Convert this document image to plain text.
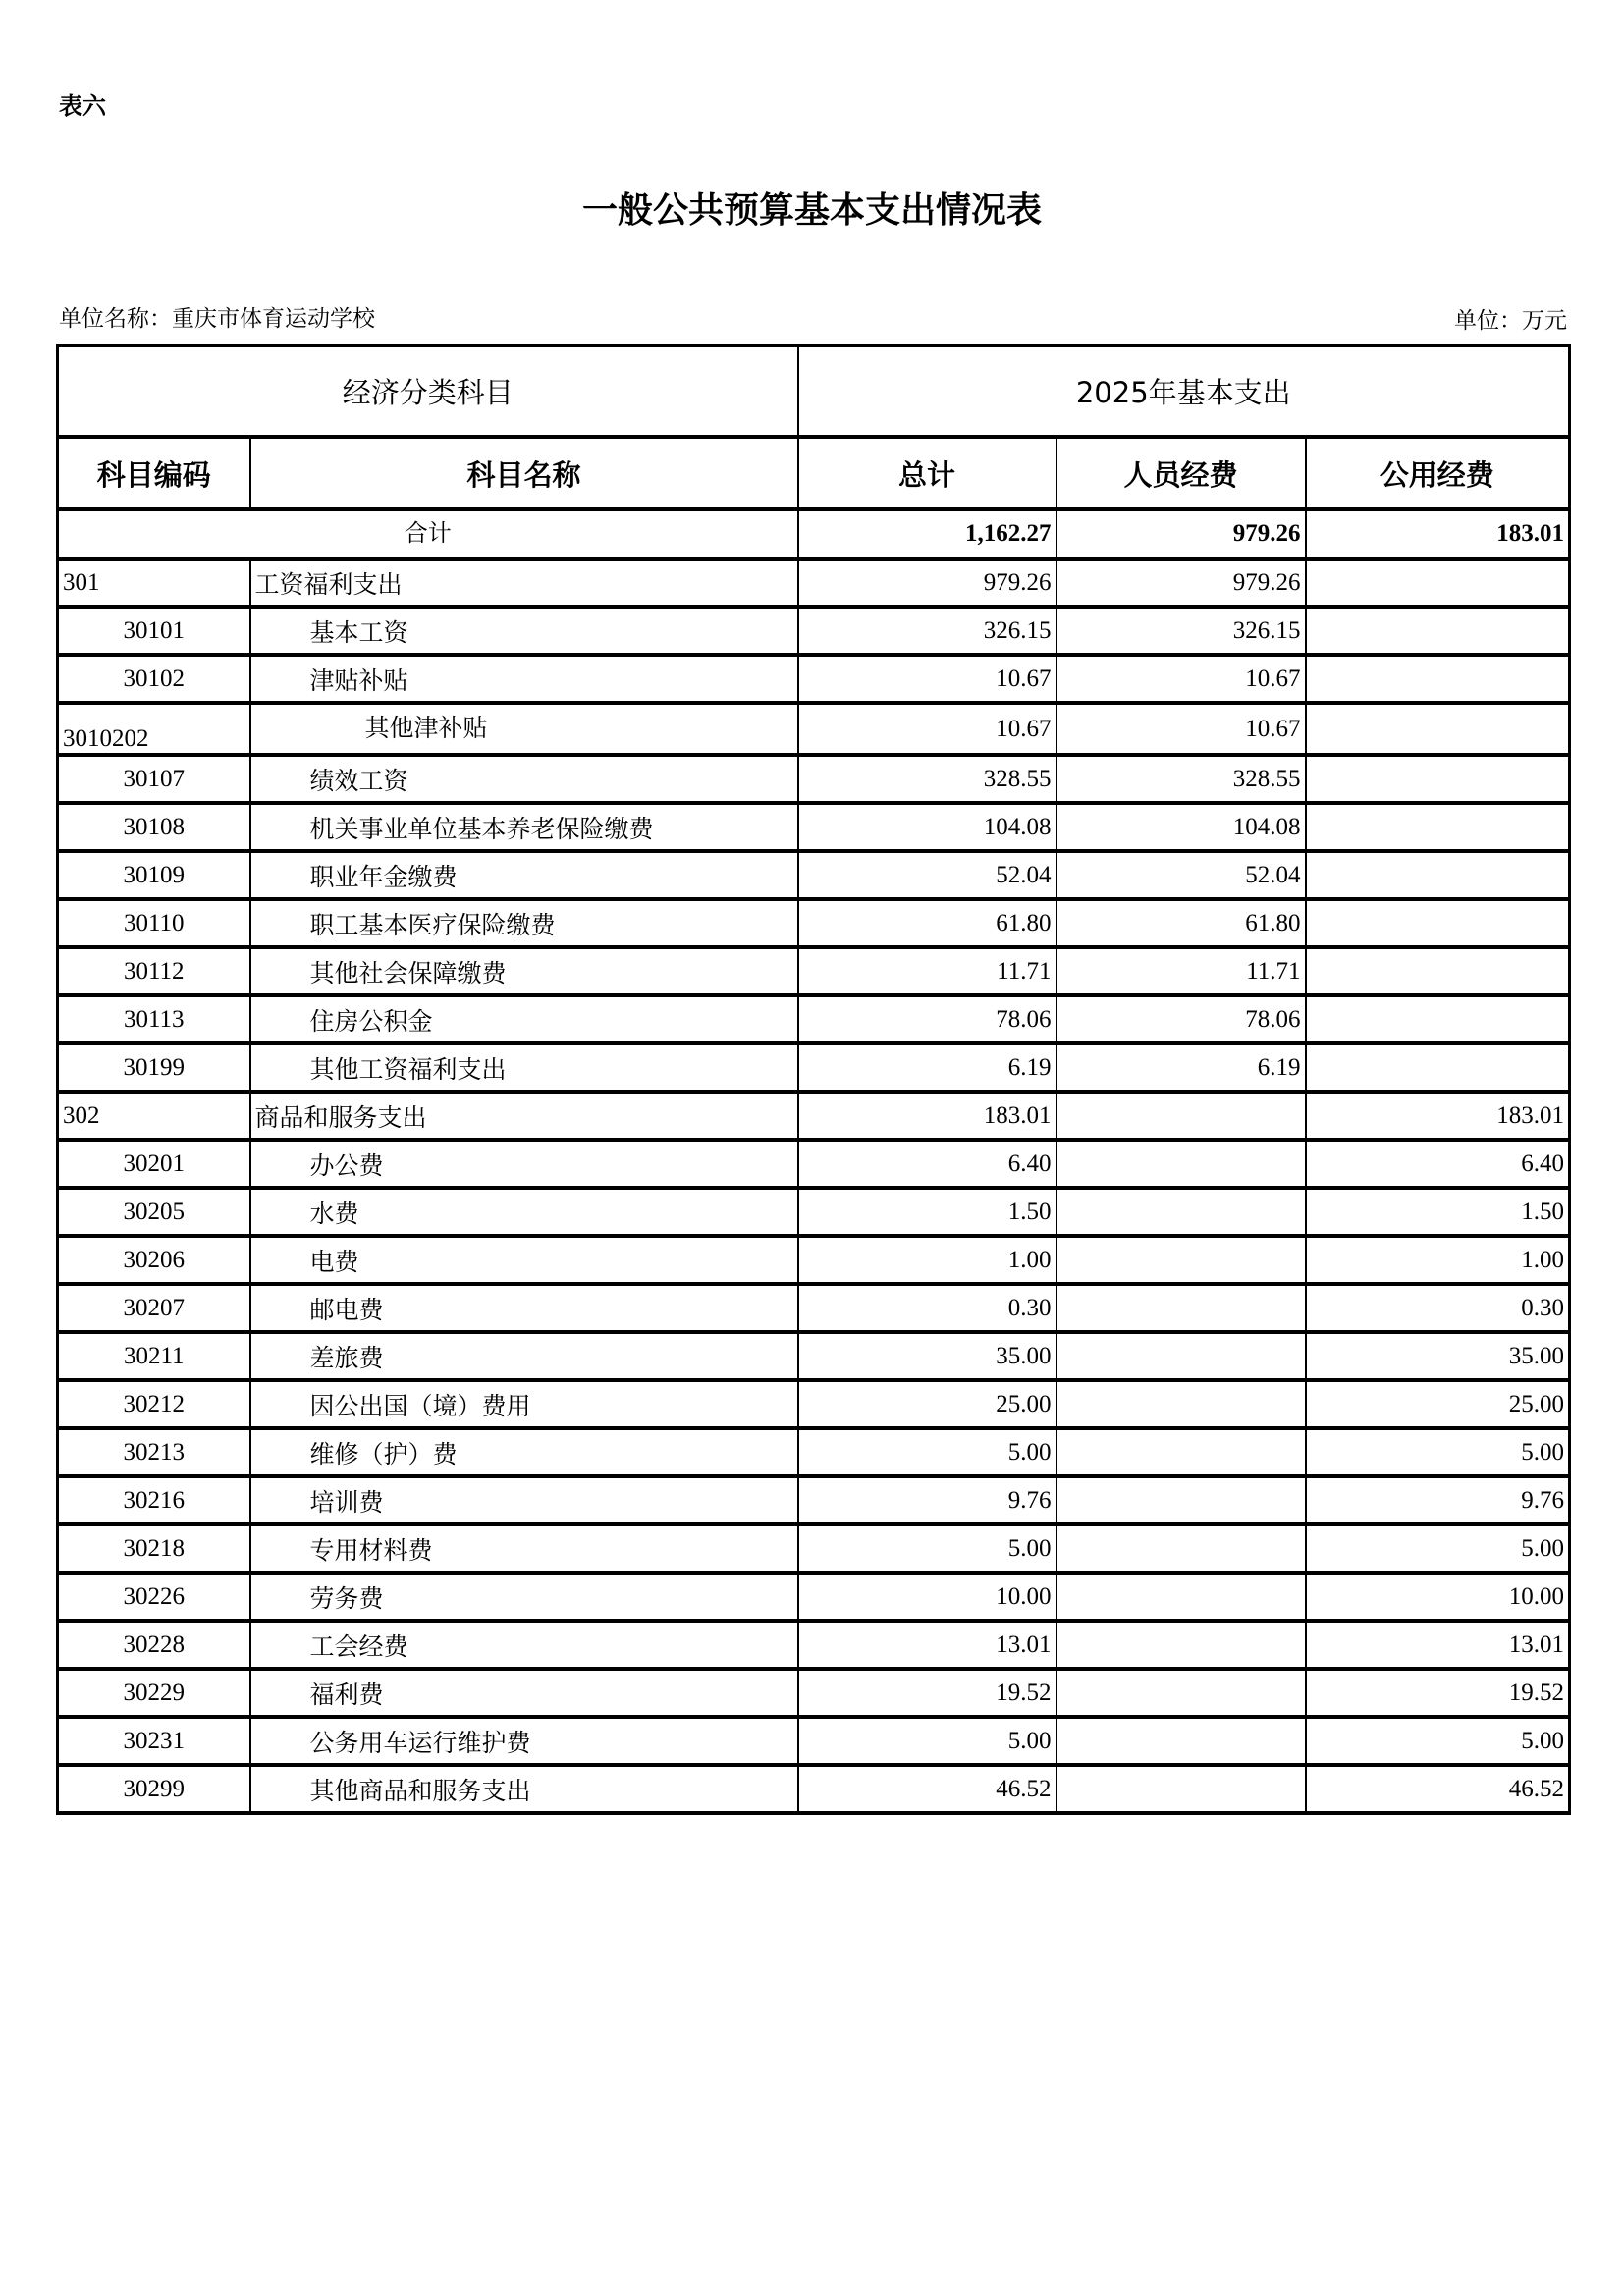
表六
一般公共预算基本支出情况表
单位名称：重庆市体育运动学校	单位：万元
经济分类科目		2025年基本支出		
科目编码	科目名称	总计	人员经费	公用经费
合计		1,162.27	979.26	183.01
301	工资福利支出	979.26	979.26	
30101	基本工资	326.15	326.15	
30102	津贴补贴	10.67	10.67	
3010202	其他津补贴	10.67	10.67	
30107	绩效工资	328.55	328.55	
30108	机关事业单位基本养老保险缴费	104.08	104.08	
30109	职业年金缴费	52.04	52.04	
30110	职工基本医疗保险缴费	61.80	61.80	
30112	其他社会保障缴费	11.71	11.71	
30113	住房公积金	78.06	78.06	
30199	其他工资福利支出	6.19	6.19	
302	商品和服务支出	183.01		183.01
30201	办公费	6.40		6.40
30205	水费	1.50		1.50
30206	电费	1.00		1.00
30207	邮电费	0.30		0.30
30211	差旅费	35.00		35.00
30212	因公出国（境）费用	25.00		25.00
30213	维修（护）费	5.00		5.00
30216	培训费	9.76		9.76
30218	专用材料费	5.00		5.00
30226	劳务费	10.00		10.00
30228	工会经费	13.01		13.01
30229	福利费	19.52		19.52
30231	公务用车运行维护费	5.00		5.00
30299	其他商品和服务支出	46.52		46.52
